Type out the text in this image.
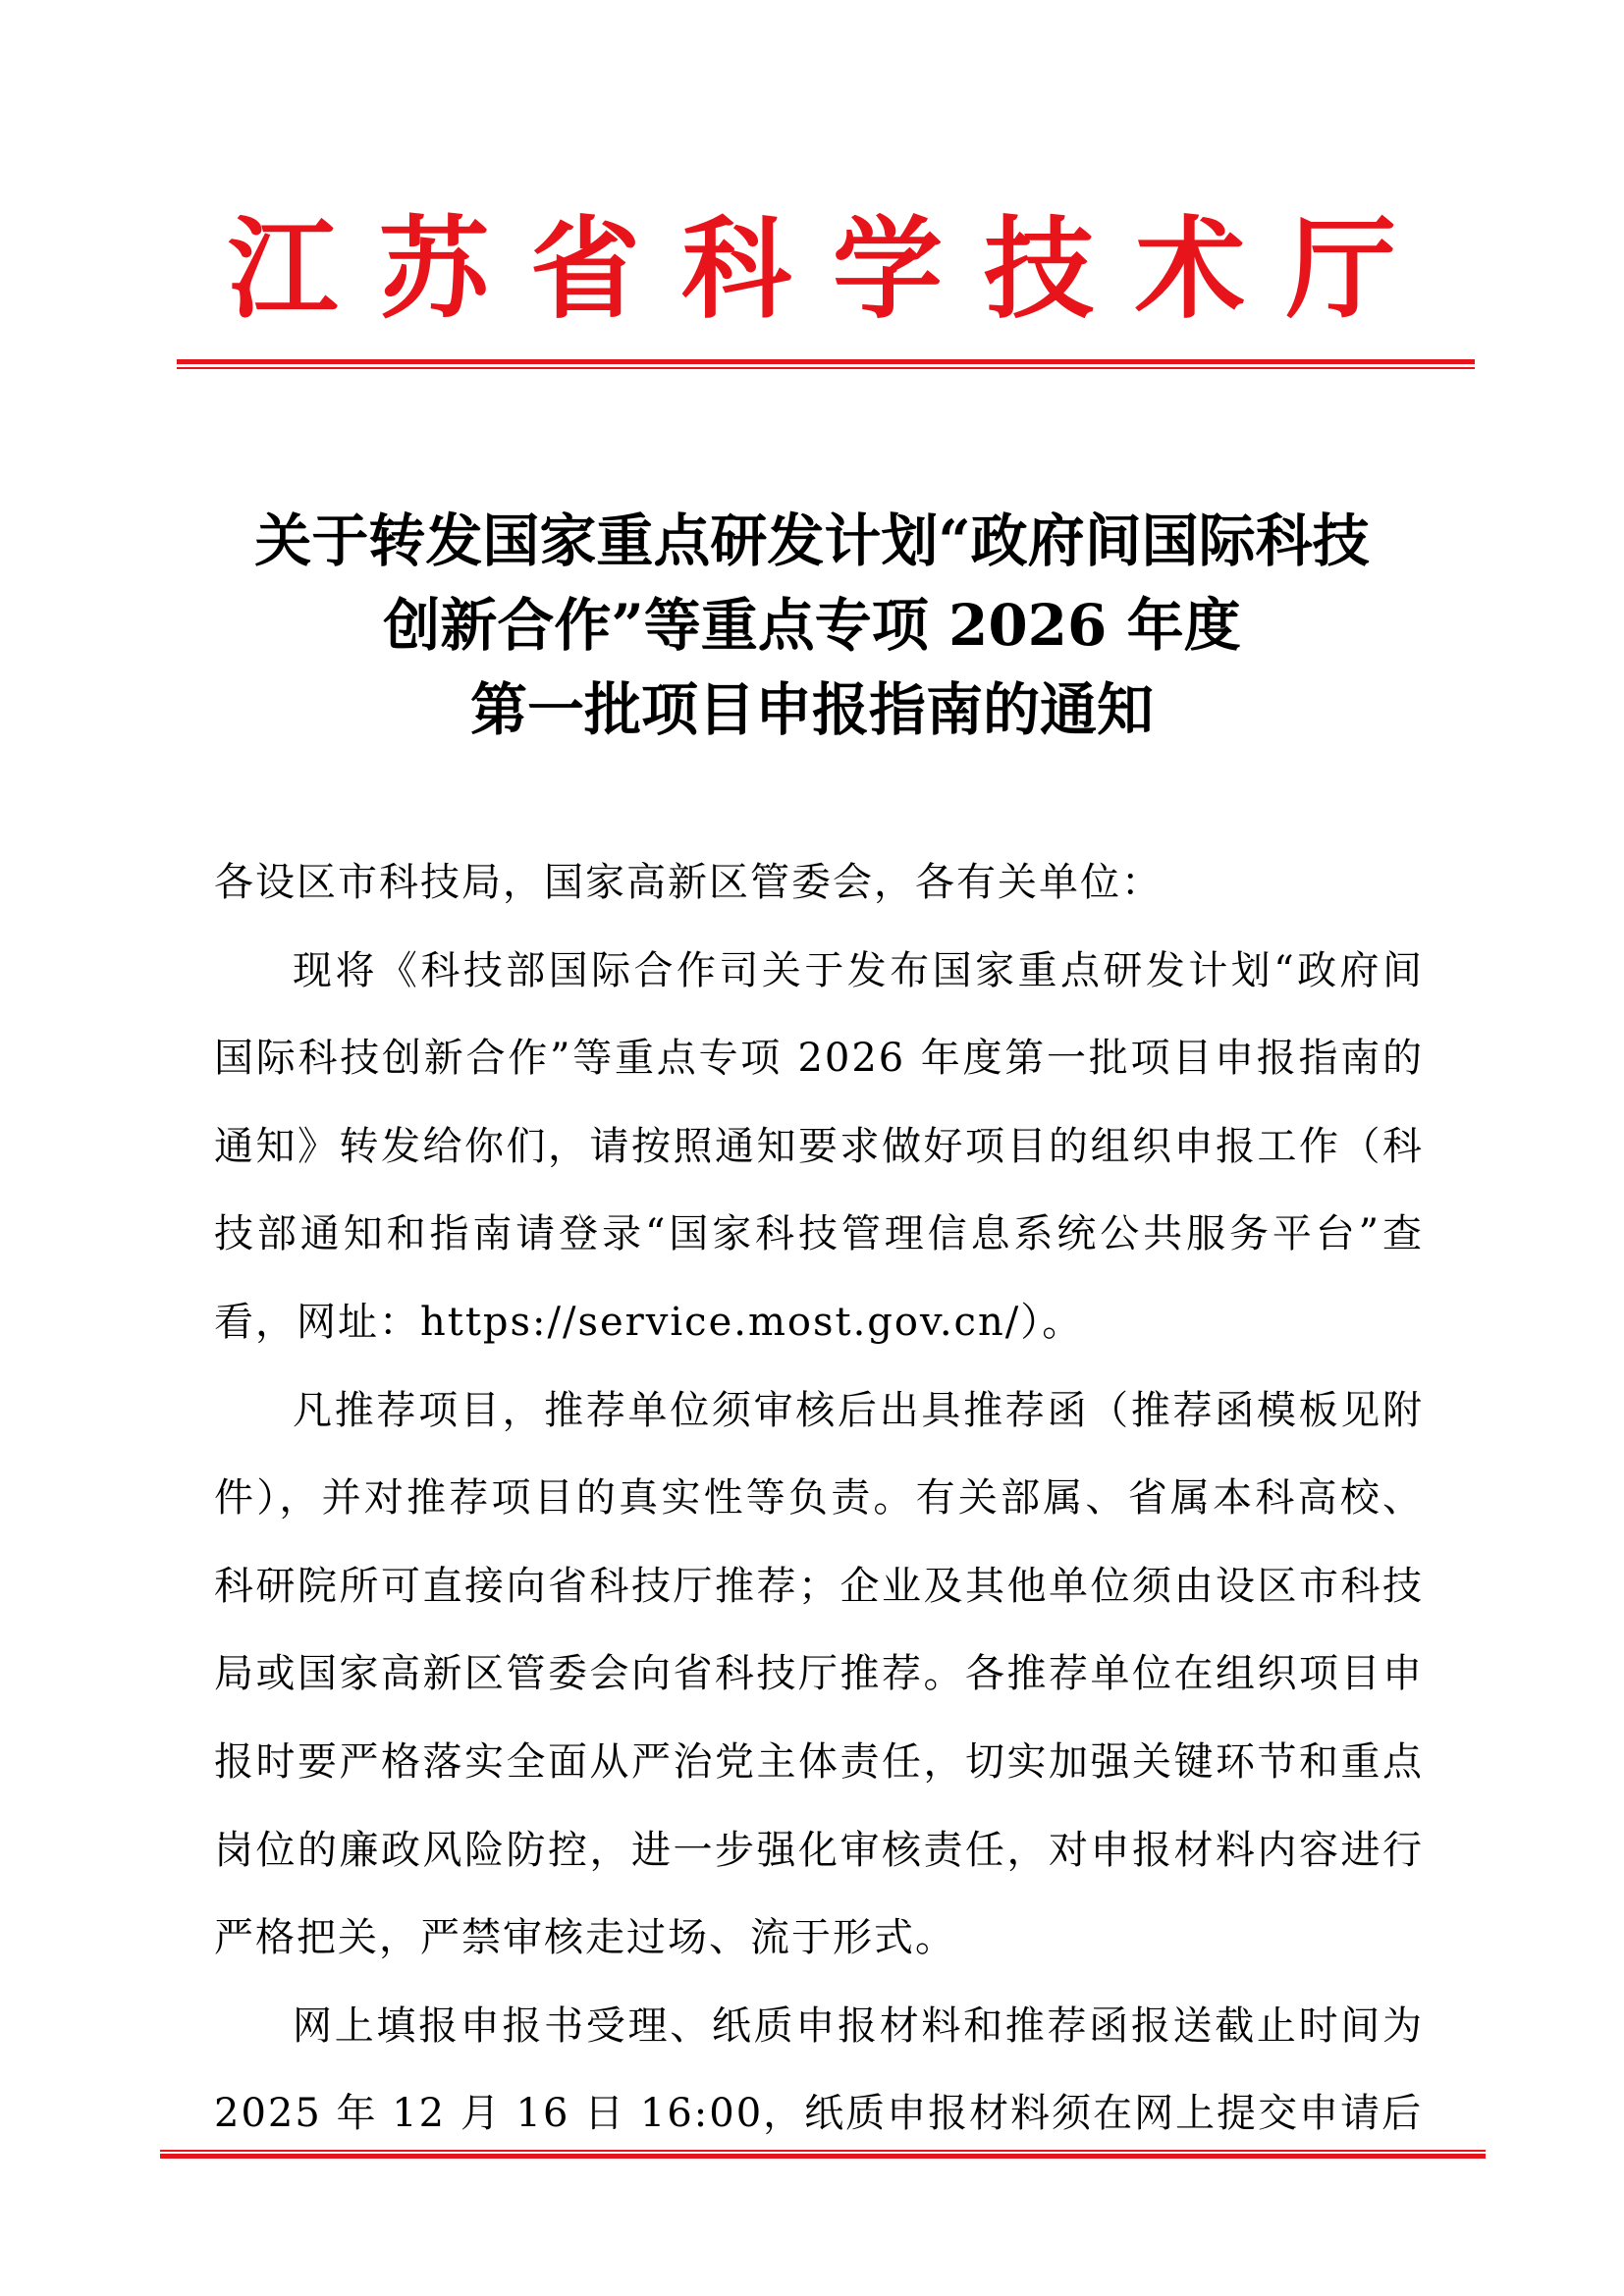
江苏省科学技术厅
关于转发国家重点研发计划“政府间国际科技
创新合作”等重点专项 2026 年度
第一批项目申报指南的通知

各设区市科技局，国家高新区管委会，各有关单位：

现将《科技部国际合作司关于发布国家重点研发计划“政府间国际科技创新合作”等重点专项 2026 年度第一批项目申报指南的通知》转发给你们，请按照通知要求做好项目的组织申报工作（科技部通知和指南请登录“国家科技管理信息系统公共服务平台”查看，网址：https://service.most.gov.cn/）。

凡推荐项目，推荐单位须审核后出具推荐函（推荐函模板见附件），并对推荐项目的真实性等负责。有关部属、省属本科高校、科研院所可直接向省科技厅推荐；企业及其他单位须由设区市科技局或国家高新区管委会向省科技厅推荐。各推荐单位在组织项目申报时要严格落实全面从严治党主体责任，切实加强关键环节和重点岗位的廉政风险防控，进一步强化审核责任，对申报材料内容进行严格把关，严禁审核走过场、流于形式。

网上填报申报书受理、纸质申报材料和推荐函报送截止时间为 2025 年 12 月 16 日 16:00，纸质申报材料须在网上提交申请后
